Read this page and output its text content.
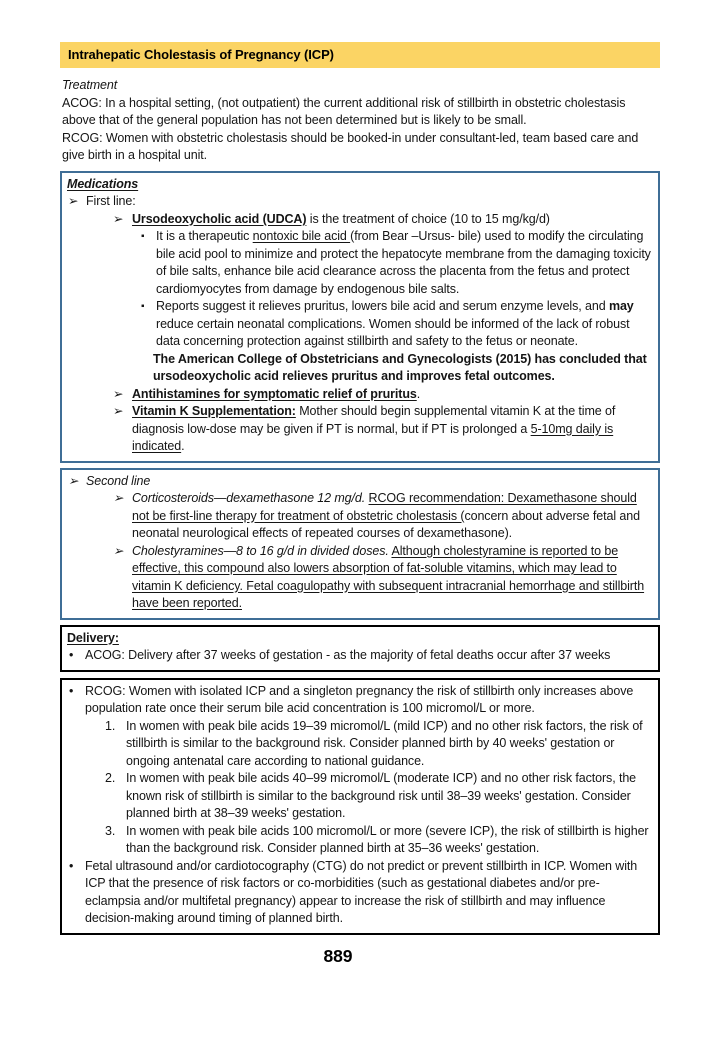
Intrahepatic Cholestasis of Pregnancy (ICP)
Treatment
ACOG: In a hospital setting, (not outpatient) the current additional risk of stillbirth in obstetric cholestasis above that of the general population has not been determined but is likely to be small.
RCOG: Women with obstetric cholestasis should be booked-in under consultant-led, team based care and give birth in a hospital unit.
Medications
➢ First line:
➢ Ursodeoxycholic acid (UDCA) is the treatment of choice (10 to 15 mg/kg/d)
▪ It is a therapeutic nontoxic bile acid (from Bear –Ursus- bile) used to modify the circulating bile acid pool to minimize and protect the hepatocyte membrane from the damaging toxicity of bile salts, enhance bile acid clearance across the placenta from the fetus and protect cardiomyocytes from damage by endogenous bile salts.
▪ Reports suggest it relieves pruritus, lowers bile acid and serum enzyme levels, and may reduce certain neonatal complications. Women should be informed of the lack of robust data concerning protection against stillbirth and safety to the fetus or neonate.
The American College of Obstetricians and Gynecologists (2015) has concluded that ursodeoxycholic acid relieves pruritus and improves fetal outcomes.
➢ Antihistamines for symptomatic relief of pruritus.
➢ Vitamin K Supplementation: Mother should begin supplemental vitamin K at the time of diagnosis low-dose may be given if PT is normal, but if PT is prolonged a 5-10mg daily is indicated.
➢ Second line
➢ Corticosteroids—dexamethasone 12 mg/d. RCOG recommendation: Dexamethasone should not be first-line therapy for treatment of obstetric cholestasis (concern about adverse fetal and neonatal neurological effects of repeated courses of dexamethasone).
➢ Cholestyramines—8 to 16 g/d in divided doses. Although cholestyramine is reported to be effective, this compound also lowers absorption of fat-soluble vitamins, which may lead to vitamin K deficiency. Fetal coagulopathy with subsequent intracranial hemorrhage and stillbirth have been reported.
Delivery:
• ACOG: Delivery after 37 weeks of gestation - as the majority of fetal deaths occur after 37 weeks
• RCOG: Women with isolated ICP and a singleton pregnancy the risk of stillbirth only increases above population rate once their serum bile acid concentration is 100 micromol/L or more.
1. In women with peak bile acids 19–39 micromol/L (mild ICP) and no other risk factors, the risk of stillbirth is similar to the background risk. Consider planned birth by 40 weeks' gestation or ongoing antenatal care according to national guidance.
2. In women with peak bile acids 40–99 micromol/L (moderate ICP) and no other risk factors, the known risk of stillbirth is similar to the background risk until 38–39 weeks' gestation. Consider planned birth at 38–39 weeks' gestation.
3. In women with peak bile acids 100 micromol/L or more (severe ICP), the risk of stillbirth is higher than the background risk. Consider planned birth at 35–36 weeks' gestation.
• Fetal ultrasound and/or cardiotocography (CTG) do not predict or prevent stillbirth in ICP. Women with ICP that the presence of risk factors or co-morbidities (such as gestational diabetes and/or pre-eclampsia and/or multifetal pregnancy) appear to increase the risk of stillbirth and may influence decision-making around timing of planned birth.
889
